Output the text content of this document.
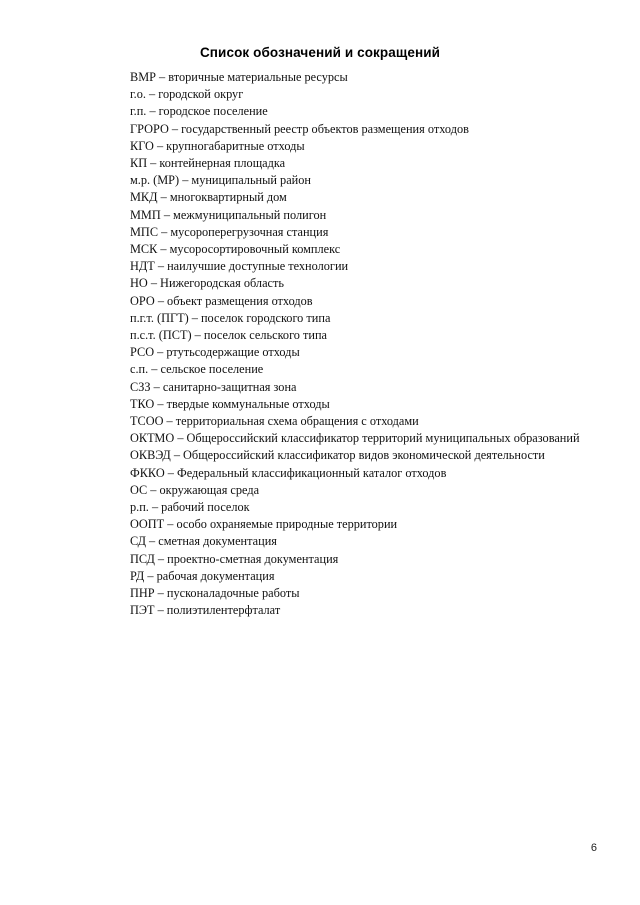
Список обозначений и сокращений
ВМР – вторичные материальные ресурсы
г.о. – городской округ
г.п. – городское поселение
ГРОРО – государственный реестр объектов размещения отходов
КГО – крупногабаритные отходы
КП – контейнерная площадка
м.р. (МР) – муниципальный район
МКД – многоквартирный дом
ММП – межмуниципальный полигон
МПС – мусороперегрузочная станция
МСК – мусоросортировочный комплекс
НДТ – наилучшие доступные технологии
НО – Нижегородская область
ОРО – объект размещения отходов
п.г.т. (ПГТ) – поселок городского типа
п.с.т. (ПСТ) – поселок сельского типа
РСО – ртутьсодержащие отходы
с.п. – сельское поселение
СЗЗ – санитарно-защитная зона
ТКО – твердые коммунальные отходы
ТСОО – территориальная схема обращения с отходами
ОКТМО – Общероссийский классификатор территорий муниципальных образований
ОКВЭД – Общероссийский классификатор видов экономической деятельности
ФККО – Федеральный классификационный каталог отходов
ОС – окружающая среда
р.п. – рабочий поселок
ООПТ – особо охраняемые природные территории
СД – сметная документация
ПСД – проектно-сметная документация
РД – рабочая документация
ПНР – пусконаладочные работы
ПЭТ – полиэтилентерфталат
6
